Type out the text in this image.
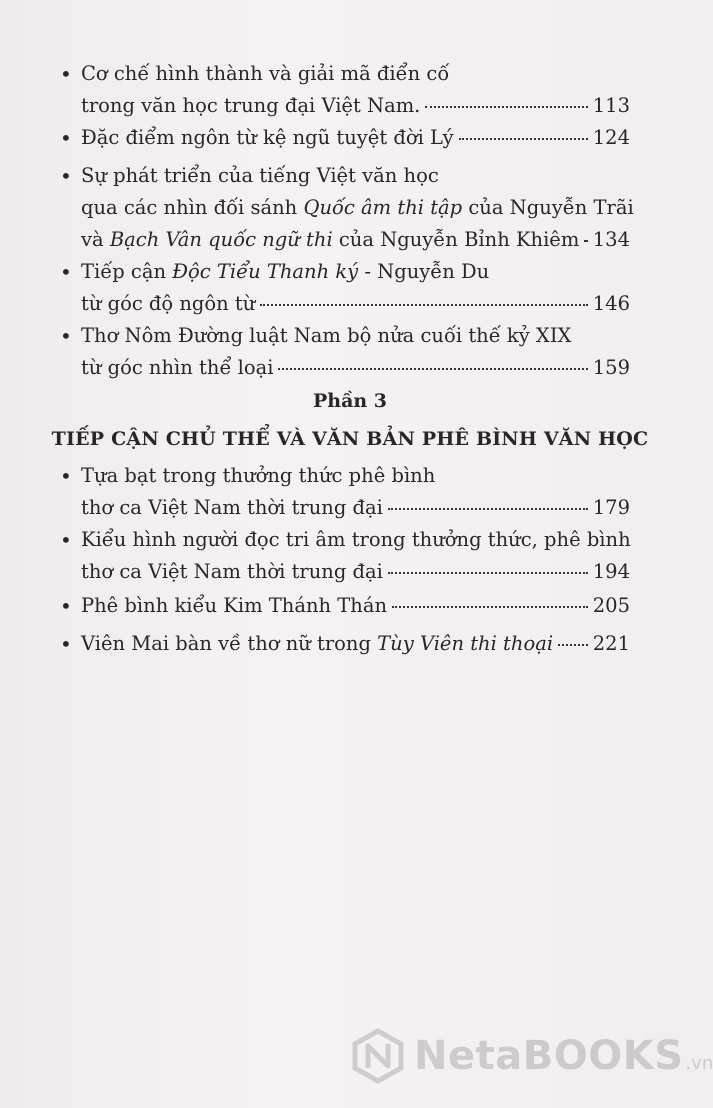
• Cơ chế hình thành và giải mã điển cố
trong văn học trung đại Việt Nam.	113
• Đặc điểm ngôn từ kệ ngũ tuyệt đời Lý	124
• Sự phát triển của tiếng Việt văn học
qua các nhìn đối sánh Quốc âm thi tập của Nguyễn Trãi
và Bạch Vân quốc ngữ thi của Nguyễn Bỉnh Khiêm 134
• Tiếp cận Độc Tiểu Thanh ký - Nguyễn Du
từ góc độ ngôn từ	146
• Thơ Nôm Đường luật Nam bộ nửa cuối thế kỷ XIX
từ góc nhìn thể loại	159
Phần 3
TIẾP CẬN CHỦ THỂ VÀ VĂN BẢN PHÊ BÌNH VĂN HỌC
• Tựa bạt trong thưởng thức phê bình
thơ ca Việt Nam thời trung đại	179
• Kiểu hình người đọc tri âm trong thưởng thức, phê bình
thơ ca Việt Nam thời trung đại	194
• Phê bình kiểu Kim Thánh Thán	205
• Viên Mai bàn về thơ nữ trong Tùy Viên thi thoại 221
NetaBOOKS .vn
